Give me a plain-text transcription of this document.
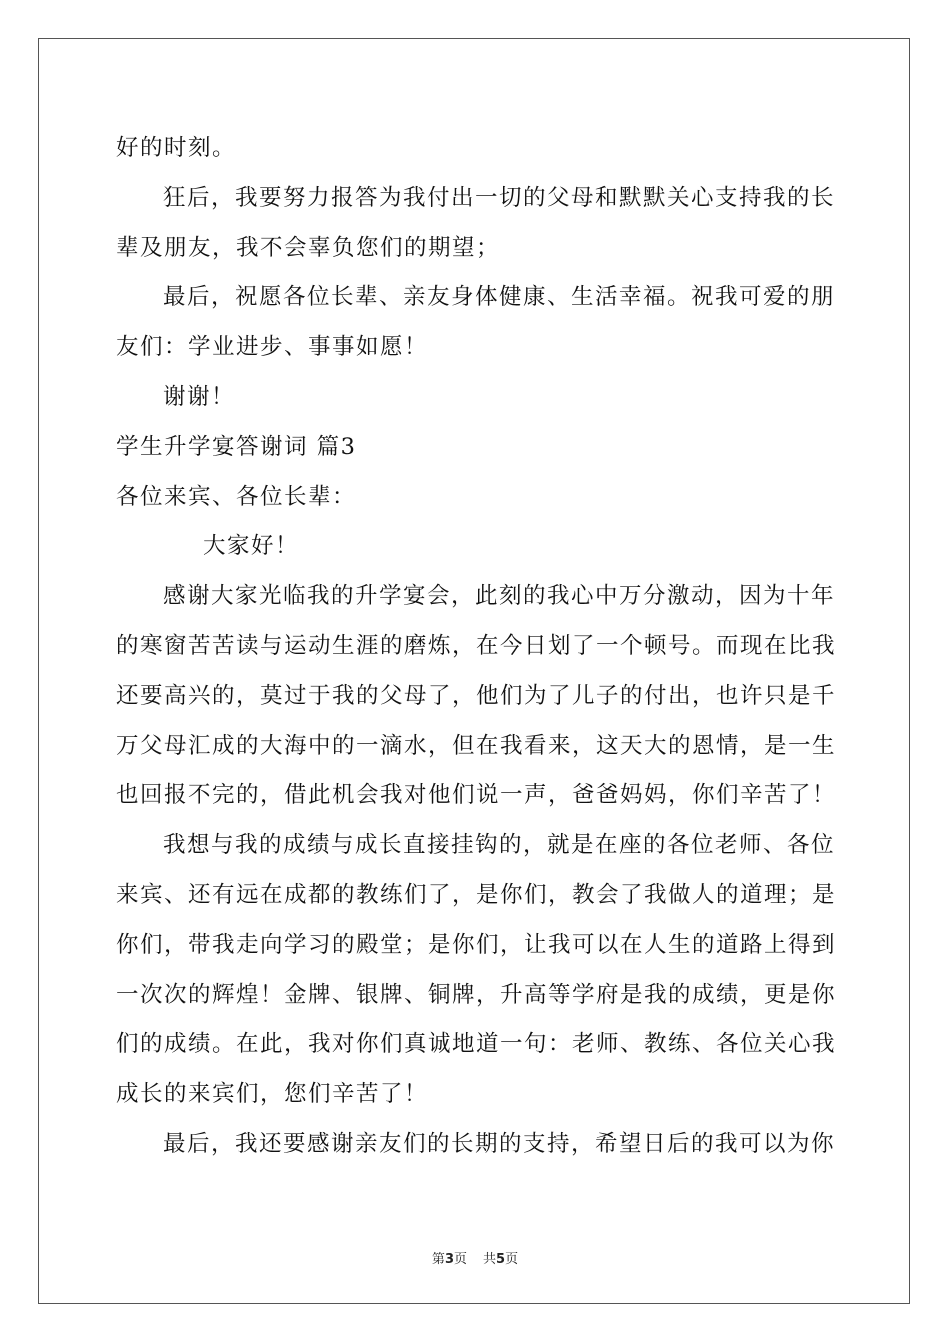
好的时刻。

狂后，我要努力报答为我付出一切的父母和默默关心支持我的长

辈及朋友，我不会辜负您们的期望；

最后，祝愿各位长辈、亲友身体健康、生活幸福。祝我可爱的朋

友们：学业进步、事事如愿！

谢谢！

学生升学宴答谢词 篇3

各位来宾、各位长辈：

大家好！

感谢大家光临我的升学宴会，此刻的我心中万分激动，因为十年

的寒窗苦苦读与运动生涯的磨炼，在今日划了一个顿号。而现在比我

还要高兴的，莫过于我的父母了，他们为了儿子的付出，也许只是千

万父母汇成的大海中的一滴水，但在我看来，这天大的恩情，是一生

也回报不完的，借此机会我对他们说一声，爸爸妈妈，你们辛苦了！

我想与我的成绩与成长直接挂钩的，就是在座的各位老师、各位

来宾、还有远在成都的教练们了，是你们，教会了我做人的道理；是

你们，带我走向学习的殿堂；是你们，让我可以在人生的道路上得到

一次次的辉煌！金牌、银牌、铜牌，升高等学府是我的成绩，更是你

们的成绩。在此，我对你们真诚地道一句：老师、教练、各位关心我

成长的来宾们，您们辛苦了！

最后，我还要感谢亲友们的长期的支持，希望日后的我可以为你

第3页 共5页
